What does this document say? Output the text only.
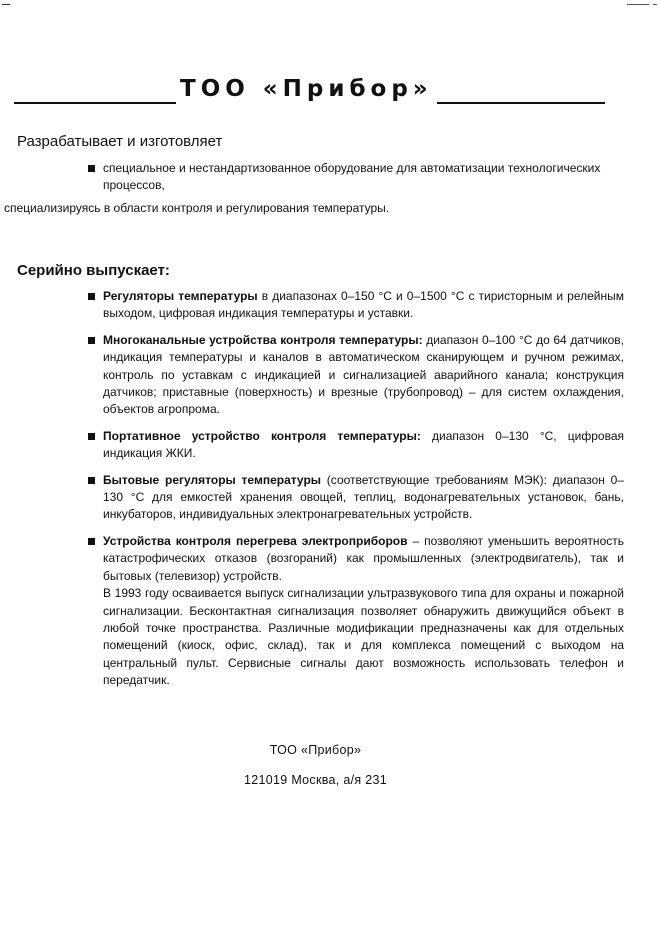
ТОО «Прибор»
Разрабатывает и изготовляет
специальное и нестандартизованное оборудование для автоматизации технологических процессов,
специализируясь в области контроля и регулирования температуры.
Серийно выпускает:
Регуляторы температуры в диапазонах 0–150 °С и 0–1500 °С с тиристорным и релейным выходом, цифровая индикация температуры и уставки.
Многоканальные устройства контроля температуры: диапазон 0–100 °С до 64 датчиков, индикация температуры и каналов в автоматическом сканирующем и ручном режимах, контроль по уставкам с индикацией и сигнализацией аварийного канала; конструкция датчиков; приставные (поверхность) и врезные (трубопровод) – для систем охлаждения, объектов агропрома.
Портативное устройство контроля температуры: диапазон 0–130 °С, цифровая индикация ЖКИ.
Бытовые регуляторы температуры (соответствующие требованиям МЭК): диапазон 0–130 °С для емкостей хранения овощей, теплиц, водонагревательных установок, бань, инкубаторов, индивидуальных электронагревательных устройств.
Устройства контроля перегрева электроприборов – позволяют уменьшить вероятность катастрофических отказов (возгораний) как промышленных (электродвигатель), так и бытовых (телевизор) устройств.
В 1993 году осваивается выпуск сигнализации ультразвукового типа для охраны и пожарной сигнализации. Бесконтактная сигнализация позволяет обнаружить движущийся объект в любой точке пространства. Различные модификации предназначены как для отдельных помещений (киоск, офис, склад), так и для комплекса помещений с выходом на центральный пульт. Сервисные сигналы дают возможность использовать телефон и передатчик.
ТОО «Прибор»
121019 Москва, а/я 231
